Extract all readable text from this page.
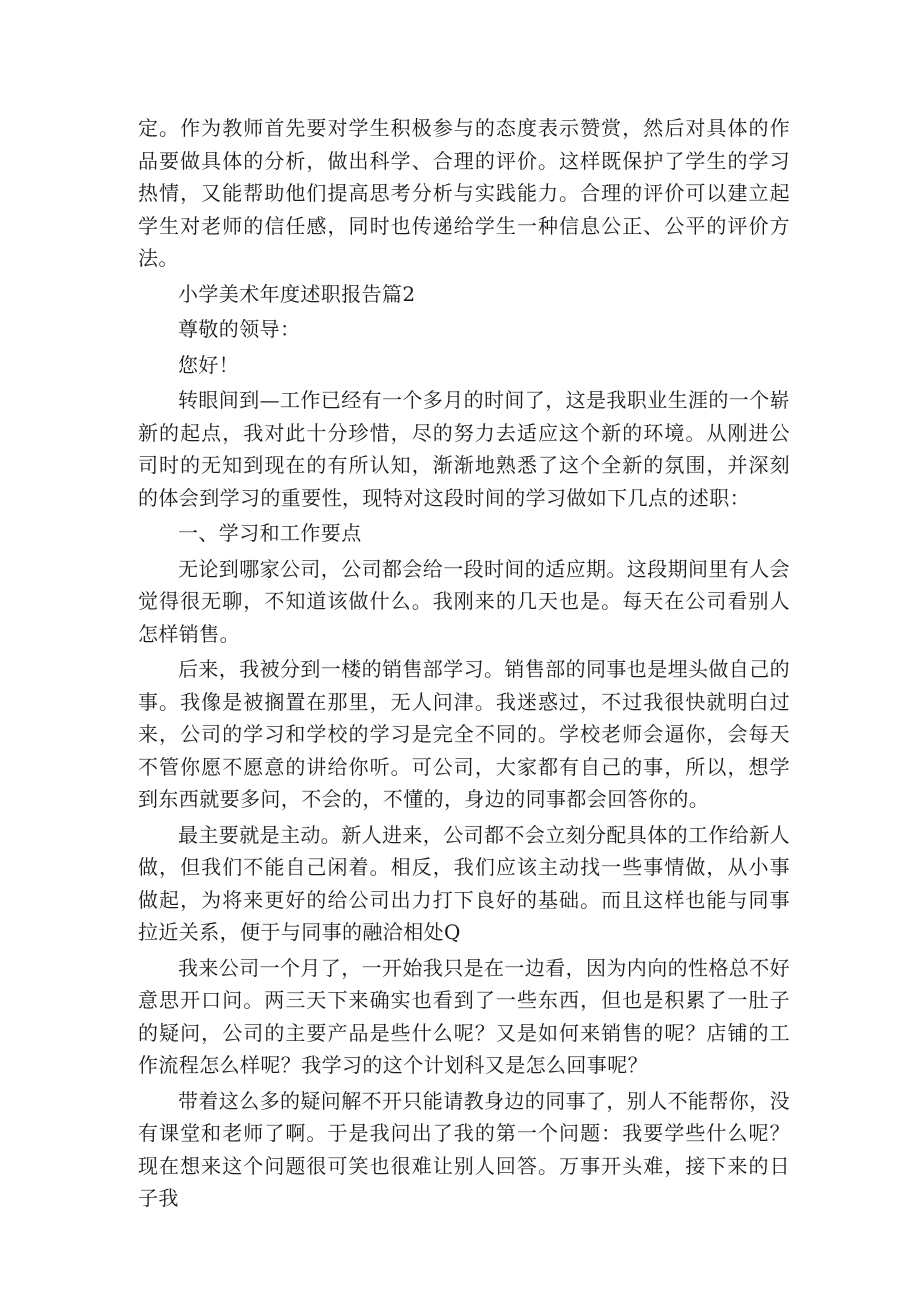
定。作为教师首先要对学生积极参与的态度表示赞赏，然后对具体的作品要做具体的分析，做出科学、合理的评价。这样既保护了学生的学习热情，又能帮助他们提高思考分析与实践能力。合理的评价可以建立起学生对老师的信任感，同时也传递给学生一种信息公正、公平的评价方法。

小学美术年度述职报告篇2

尊敬的领导：

您好！

转眼间到—工作已经有一个多月的时间了，这是我职业生涯的一个崭新的起点，我对此十分珍惜，尽的努力去适应这个新的环境。从刚进公司时的无知到现在的有所认知，渐渐地熟悉了这个全新的氛围，并深刻的体会到学习的重要性，现特对这段时间的学习做如下几点的述职：

一、学习和工作要点

无论到哪家公司，公司都会给一段时间的适应期。这段期间里有人会觉得很无聊，不知道该做什么。我刚来的几天也是。每天在公司看别人怎样销售。

后来，我被分到一楼的销售部学习。销售部的同事也是埋头做自己的事。我像是被搁置在那里，无人问津。我迷惑过，不过我很快就明白过来，公司的学习和学校的学习是完全不同的。学校老师会逼你，会每天不管你愿不愿意的讲给你听。可公司，大家都有自己的事，所以，想学到东西就要多问，不会的，不懂的，身边的同事都会回答你的。

最主要就是主动。新人进来，公司都不会立刻分配具体的工作给新人做，但我们不能自己闲着。相反，我们应该主动找一些事情做，从小事做起，为将来更好的给公司出力打下良好的基础。而且这样也能与同事拉近关系，便于与同事的融洽相处Q

我来公司一个月了，一开始我只是在一边看，因为内向的性格总不好意思开口问。两三天下来确实也看到了一些东西，但也是积累了一肚子的疑问，公司的主要产品是些什么呢？又是如何来销售的呢？店铺的工作流程怎么样呢？我学习的这个计划科又是怎么回事呢？

带着这么多的疑问解不开只能请教身边的同事了，别人不能帮你，没有课堂和老师了啊。于是我问出了我的第一个问题：我要学些什么呢？现在想来这个问题很可笑也很难让别人回答。万事开头难，接下来的日子我
